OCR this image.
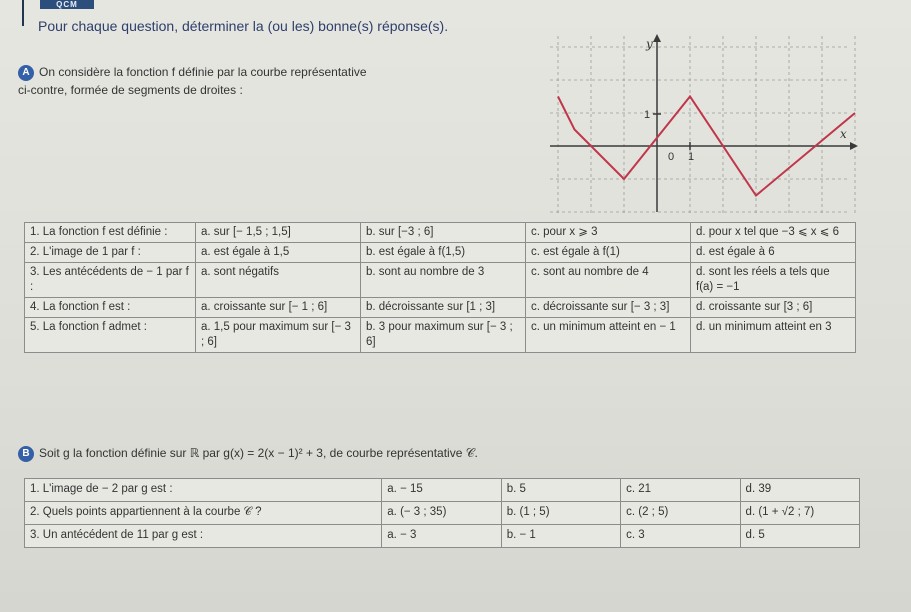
QCM
Pour chaque question, déterminer la (ou les) bonne(s) réponse(s).
A On considère la fonction f définie par la courbe représentative
ci-contre, formée de segments de droites :
y
x
1
1
0
1. La fonction f est définie :	a. sur [− 1,5 ; 1,5]	b. sur [−3 ; 6]	c. pour x ⩾ 3	d. pour x tel que −3 ⩽ x ⩽ 6
2. L'image de 1 par f :	a. est égale à 1,5	b. est égale à f(1,5)	c. est égale à f(1)	d. est égale à 6
3. Les antécédents de − 1 par f :	a. sont négatifs	b. sont au nombre de 3	c. sont au nombre de 4	d. sont les réels a tels que f(a) = −1
4. La fonction f est :	a. croissante sur [− 1 ; 6]	b. décroissante sur [1 ; 3]	c. décroissante sur [− 3 ; 3]	d. croissante sur [3 ; 6]
5. La fonction f admet :	a. 1,5 pour maximum sur [− 3 ; 6]	b. 3 pour maximum sur [− 3 ; 6]	c. un minimum atteint en − 1	d. un minimum atteint en 3
B Soit g la fonction définie sur ℝ par g(x) = 2(x − 1)² + 3, de courbe représentative 𝒞.
1. L'image de − 2 par g est :	a. − 15	b. 5	c. 21	d. 39
2. Quels points appartiennent à la courbe 𝒞 ?	a. (− 3 ; 35)	b. (1 ; 5)	c. (2 ; 5)	d. (1 + √2 ; 7)
3. Un antécédent de 11 par g est :	a. − 3	b. − 1	c. 3	d. 5
